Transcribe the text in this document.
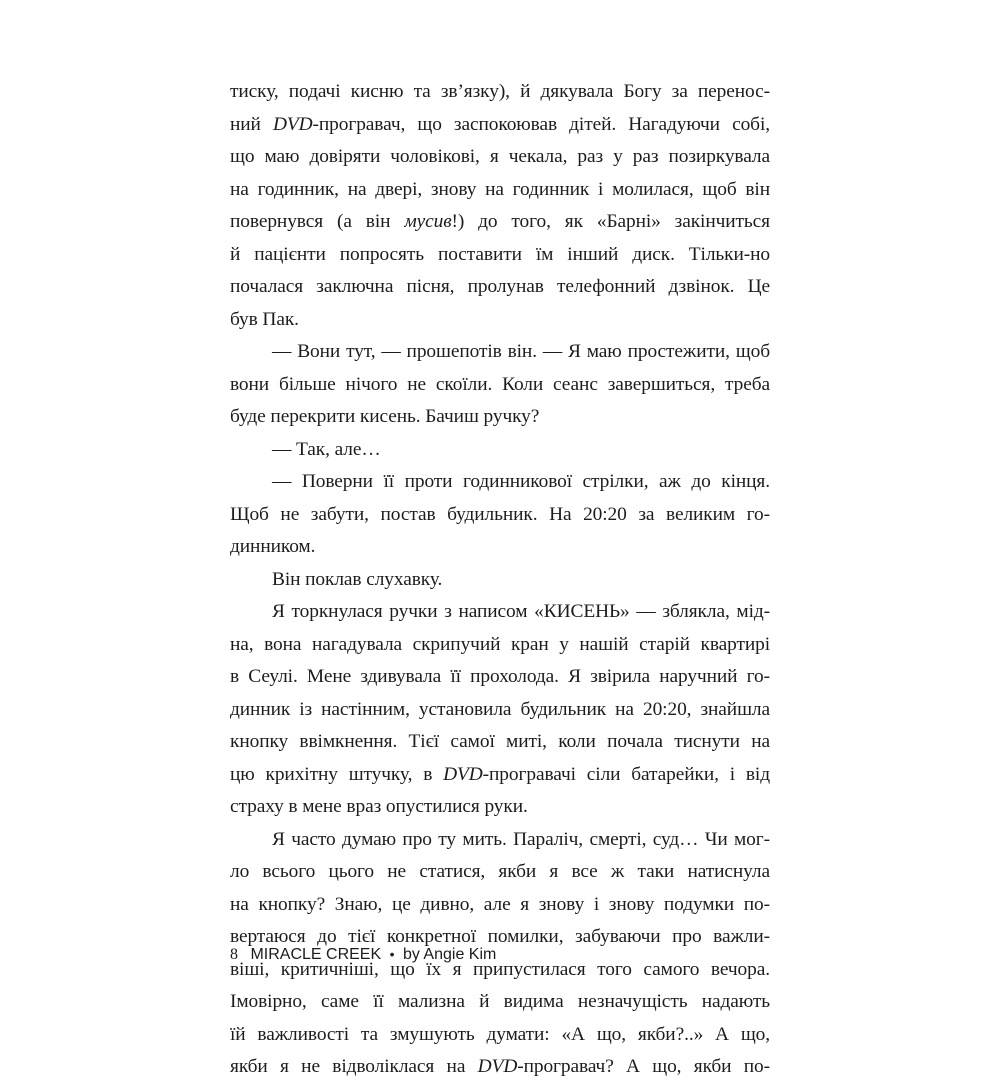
тиску, подачі кисню та зв’язку), й дякувала Богу за перенос-
ний DVD-програвач, що заспокоював дітей. Нагадуючи собі,
що маю довіряти чоловікові, я чекала, раз у раз позиркувала
на годинник, на двері, знову на годинник і молилася, щоб він
повернувся (а він мусив!) до того, як «Барні» закінчиться
й пацієнти попросять поставити їм інший диск. Тільки-но
почалася заключна пісня, пролунав телефонний дзвінок. Це
був Пак.
— Вони тут, — прошепотів він. — Я маю простежити, щоб
вони більше нічого не скоїли. Коли сеанс завершиться, треба
буде перекрити кисень. Бачиш ручку?
— Так, але…
— Поверни її проти годинникової стрілки, аж до кінця.
Щоб не забути, постав будильник. На 20:20 за великим го-
динником.
Він поклав слухавку.
Я торкнулася ручки з написом «КИСЕНЬ» — зблякла, мід-
на, вона нагадувала скрипучий кран у нашій старій квартирі
в Сеулі. Мене здивувала її прохолода. Я звірила наручний го-
динник із настінним, установила будильник на 20:20, знайшла
кнопку ввімкнення. Тієї самої миті, коли почала тиснути на
цю крихітну штучку, в DVD-програвачі сіли батарейки, і від
страху в мене враз опустилися руки.
Я часто думаю про ту мить. Параліч, смерті, суд… Чи мог-
ло всього цього не статися, якби я все ж таки натиснула
на кнопку? Знаю, це дивно, але я знову і знову подумки по-
вертаюся до тієї конкретної помилки, забуваючи про важли-
віші, критичніші, що їх я припустилася того самого вечора.
Імовірно, саме її мализна й видима незначущість надають
їй важливості та змушують думати: «А що, якби?..» А що,
якби я не відволіклася на DVD-програвач? А що, якби по-
8 MIRACLE CREEK • by Angie Kim
